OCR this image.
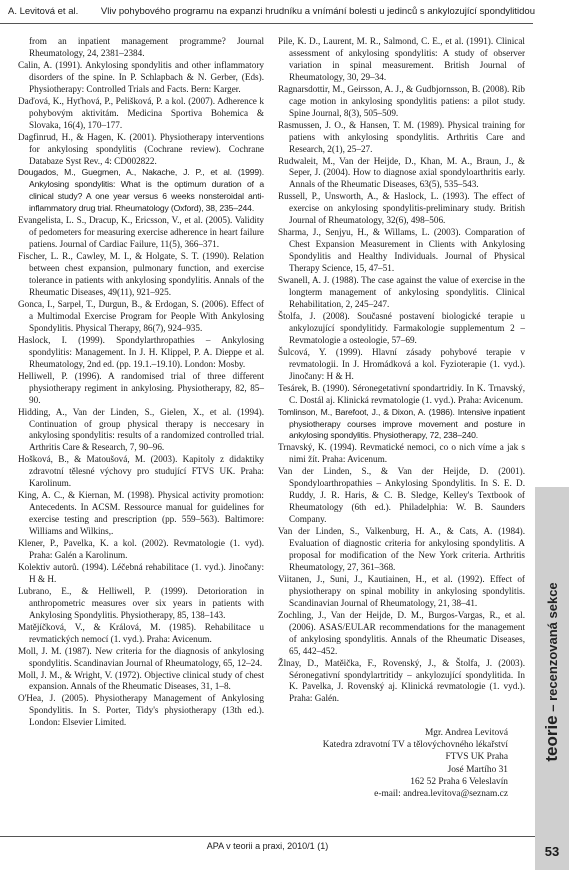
A. Levitová et al. Vliv pohybového programu na expanzi hrudníku a vnímání bolesti u jedinců s ankylozující spondylitidou

from an inpatient management programme? Journal Rheumatology, 24, 2381–2384.

Calin, A. (1991). Ankylosing spondylitis and other inflammatory disorders of the spine. In P. Schlapbach & N. Gerber, (Eds). Physiotherapy: Controlled Trials and Facts. Bern: Karger.

Daďová, K., Hyťhová, P., Pelišková, P. a kol. (2007). Adherence k pohybovým aktivitám. Medicina Sportiva Bohemica & Slovaka, 16(4), 170–177.

Dagfinrud, H., & Hagen, K. (2001). Physiotherapy interventions for ankylosing spondylitis (Cochrane review). Cochrane Databaze Syst Rev., 4: CD002822.

Dougados, M., Guegmen, A., Nakache, J. P., et al. (1999). Ankylosing spondylitis: What is the optimum duration of a clinical study? A one year versus 6 weeks nonsteroidal anti-inflammatory drug trial. Rheumatology (Oxford), 38, 235–244.

Evangelista, L. S., Dracup, K., Ericsson, V., et al. (2005). Validity of pedometers for measuring exercise adherence in heart failure patiens. Journal of Cardiac Failure, 11(5), 366–371.

Fischer, L. R., Cawley, M. I., & Holgate, S. T. (1990). Relation between chest expansion, pulmonary function, and exercise tolerance in patients with ankylosing spondylitis. Annals of the Rheumatic Diseases, 49(11), 921–925.

Gonca, I., Sarpel, T., Durgun, B., & Erdogan, S. (2006). Effect of a Multimodal Exercise Program for People With Ankylosing Spondylitis. Physical Therapy, 86(7), 924–935.

Haslock, I. (1999). Spondylarthropathies – Ankylosing spondylitis: Management. In J. H. Klippel, P. A. Dieppe et al. Rheumatology, 2nd ed. (pp. 19.1.–19.10). London: Mosby.

Helliwell, P. (1996). A randomised trial of three different physiotherapy regiment in ankylosing. Physiotherapy, 82, 85–90.

Hidding, A., Van der Linden, S., Gielen, X., et al. (1994). Continuation of group physical therapy is neccesary in ankylosing spondylitis: results of a randomized controlled trial. Arthritis Care & Research, 7, 90–96.

Hošková, B., & Matoušová, M. (2003). Kapitoly z didaktiky zdravotní tělesné výchovy pro studující FTVS UK. Praha: Karolinum.

King, A. C., & Kiernan, M. (1998). Physical activity promotion: Antecedents. In ACSM. Ressource manual for guidelines for exercise testing and prescription (pp. 559–563). Baltimore: Williams and Wilkins,.

Klener, P., Pavelka, K. a kol. (2002). Revmatologie (1. vyd). Praha: Galén a Karolinum.

Kolektiv autorů. (1994). Léčebná rehabilitace (1. vyd.). Jinočany: H & H.

Lubrano, E., & Helliwell, P. (1999). Detorioration in anthropometric measures over six years in patients with Ankylosing Spondylitis. Physiotherapy, 85, 138–143.

Matějíčková, V., & Králová, M. (1985). Rehabilitace u revmatických nemocí (1. vyd.). Praha: Avicenum.

Moll, J. M. (1987). New criteria for the diagnosis of ankylosing spondylitis. Scandinavian Journal of Rheumatology, 65, 12–24.

Moll, J. M., & Wright, V. (1972). Objective clinical study of chest expansion. Annals of the Rheumatic Diseases, 31, 1–8.

O'Hea, J. (2005). Physiotherapy Management of Ankylosing Spondylitis. In S. Porter, Tidy's physiotherapy (13th ed.). London: Elsevier Limited.

Pile, K. D., Laurent, M. R., Salmond, C. E., et al. (1991). Clinical assessment of ankylosing spondylitis: A study of observer variation in spinal measurement. British Journal of Rheumatology, 30, 29–34.

Ragnarsdottir, M., Geirsson, A. J., & Gudbjornsson, B. (2008). Rib cage motion in ankylosing spondylitis patiens: a pilot study. Spine Journal, 8(3), 505–509.

Rasmussen, J. O., & Hansen, T. M. (1989). Physical training for patiens with ankylosing spondylitis. Arthritis Care and Research, 2(1), 25–27.

Rudwaleit, M., Van der Heijde, D., Khan, M. A., Braun, J., & Seper, J. (2004). How to diagnose axial spondyloarthritis early. Annals of the Rheumatic Diseases, 63(5), 535–543.

Russell, P., Unsworth, A., & Haslock, L. (1993). The effect of exercise on ankylosing spondylitis-preliminary study. British Journal of Rheumatology, 32(6), 498–506.

Sharma, J., Senjyu, H., & Willams, L. (2003). Comparation of Chest Expansion Measurement in Clients with Ankylosing Spondylitis and Healthy Individuals. Journal of Physical Therapy Science, 15, 47–51.

Swanell, A. J. (1988). The case against the value of exercise in the longterm management of ankylosing spondylitis. Clinical Rehabilitation, 2, 245–247.

Štolfa, J. (2008). Současné postavení biologické terapie u ankylozující spondylitidy. Farmakologie supplementum 2 – Revmatologie a osteologie, 57–69.

Šulcová, Y. (1999). Hlavní zásady pohybové terapie v revmatologii. In J. Hromádková a kol. Fyzioterapie (1. vyd.). Jinočany: H & H.

Tesárek, B. (1990). Séronegetativní spondartridiy. In K. Trnavský, C. Dostál aj. Klinická revmatologie (1. vyd.). Praha: Avicenum.

Tomlinson, M., Barefoot, J., & Dixon, A. (1986). Intensive inpatient physiotherapy courses improve movement and posture in ankylosing spondylitis. Physiotherapy, 72, 238–240.

Trnavský, K. (1994). Revmatické nemoci, co o nich víme a jak s nimi žít. Praha: Avicenum.

Van der Linden, S., & Van der Heijde, D. (2001). Spondyloarthropathies – Ankylosing Spondylitis. In S. E. D. Ruddy, J. R. Haris, & C. B. Sledge, Kelley's Textbook of Rheumatology (6th ed.). Philadelphia: W. B. Saunders Company.

Van der Linden, S., Valkenburg, H. A., & Cats, A. (1984). Evaluation of diagnostic criteria for ankylosing spondylitis. A proposal for modification of the New York criteria. Arthritis Rheumatology, 27, 361–368.

Viitanen, J., Suni, J., Kautiainen, H., et al. (1992). Effect of physiotherapy on spinal mobility in ankylosing spondylitis. Scandinavian Journal of Rheumatology, 21, 38–41.

Zochling, J., Van der Heijde, D. M., Burgos-Vargas, R., et al. (2006). ASAS/EULAR recommendations for the management of ankylosing spondylitis. Annals of the Rheumatic Diseases, 65, 442–452.

Žlnay, D., Matěička, F., Rovenský, J., & Štolfa, J. (2003). Séronegativní spondylartritidy – ankylozující spondylitida. In K. Pavelka, J. Rovenský aj. Klinická revmatologie (1. vyd.). Praha: Galén.

Mgr. Andrea Levitová
Katedra zdravotní TV a tělovýchovného lékařství
FTVS UK Praha
José Martího 31
162 52 Praha 6 Veleslavín
e-mail: andrea.levitova@seznam.cz
teorie – recenzovaná sekce
53
APA v teorii a praxi, 2010/1 (1)
